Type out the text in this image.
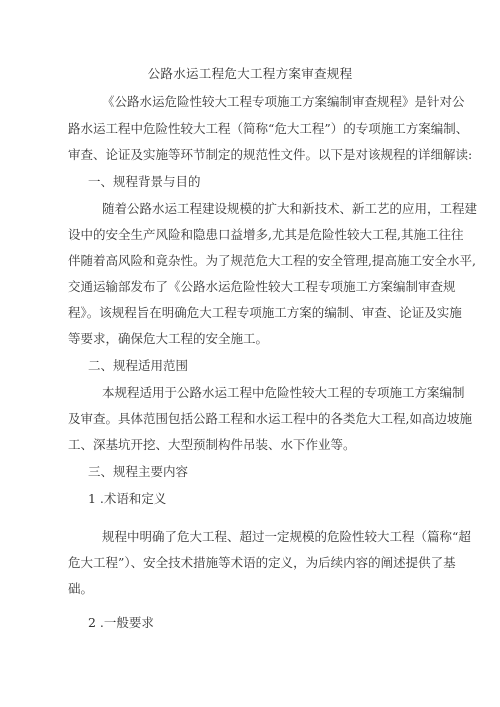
公路水运工程危大工程方案审查规程
《公路水运危险性较大工程专项施工方案编制审查规程》是针对公
路水运工程中危险性较大工程（简称“危大工程”）的专项施工方案编制、
审查、论证及实施等环节制定的规范性文件。以下是对该规程的详细解读:
一、规程背景与目的
随着公路水运工程建设规模的扩大和新技术、新工艺的应用，工程建
设中的安全生产风险和隐患口益增多,尤其是危险性较大工程,其施工往往
伴随着高风险和竟杂性。为了规范危大工程的安全管理,提高施工安全水平,
交通运输部发布了《公路水运危险性较大工程专项施工方案编制审查规
程》。该规程旨在明确危大工程专项施工方案的编制、审查、论证及实施
等要求，确保危大工程的安全施工。
二、规程适用范围
本规程适用于公路水运工程中危险性较大工程的专项施工方案编制
及审查。具体范围包括公路工程和水运工程中的各类危大工程,如高边坡施
工、深基坑开挖、大型预制构件吊装、水下作业等。
三、规程主要内容
1 .术语和定义
规程中明确了危大工程、超过一定规模的危险性较大工程（篇称“超
危大工程”）、安全技术措施等术语的定义，为后续内容的阐述提供了基
础。
2 .一般要求
